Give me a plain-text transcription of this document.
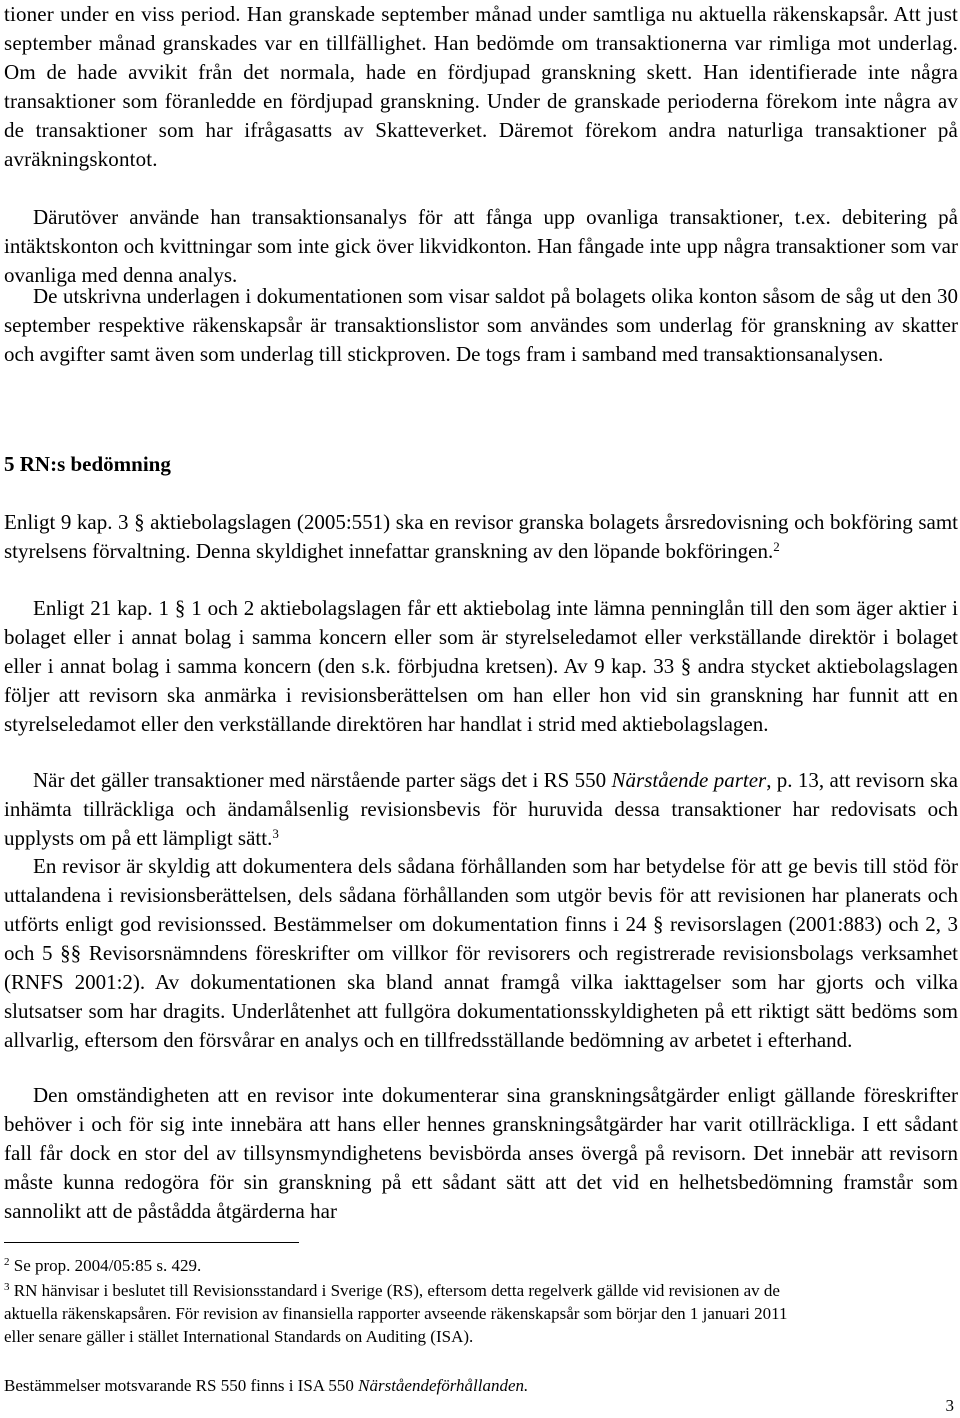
tioner under en viss period. Han granskade september månad under samtliga nu aktuella räkenskapsår. Att just september månad granskades var en tillfällighet. Han bedömde om transaktionerna var rimliga mot underlag. Om de hade avvikit från det normala, hade en fördjupad granskning skett. Han identifierade inte några transaktioner som föranledde en fördjupad granskning. Under de granskade perioderna förekom inte några av de transaktioner som har ifrågasatts av Skatteverket. Däremot förekom andra naturliga transaktioner på avräkningskontot.

Därutöver använde han transaktionsanalys för att fånga upp ovanliga transaktioner, t.ex. debitering på intäktskonton och kvittningar som inte gick över likvidkonton. Han fångade inte upp några transaktioner som var ovanliga med denna analys.

De utskrivna underlagen i dokumentationen som visar saldot på bolagets olika konton såsom de såg ut den 30 september respektive räkenskapsår är transaktionslistor som användes som underlag för granskning av skatter och avgifter samt även som underlag till stickproven. De togs fram i samband med transaktionsanalysen.

5 RN:s bedömning

Enligt 9 kap. 3 § aktiebolagslagen (2005:551) ska en revisor granska bolagets årsredovisning och bokföring samt styrelsens förvaltning. Denna skyldighet innefattar granskning av den löpande bokföringen.$^2$

Enligt 21 kap. 1 § 1 och 2 aktiebolagslagen får ett aktiebolag inte lämna penninglån till den som äger aktier i bolaget eller i annat bolag i samma koncern eller som är styrelseledamot eller verkställande direktör i bolaget eller i annat bolag i samma koncern (den s.k. förbjudna kretsen). Av 9 kap. 33 § andra stycket aktiebolagslagen följer att revisorn ska anmärka i revisionsberättelsen om han eller hon vid sin granskning har funnit att en styrelseledamot eller den verkställande direktören har handlat i strid med aktiebolagslagen.

När det gäller transaktioner med närstående parter sägs det i RS 550 Närstående parter, p. 13, att revisorn ska inhämta tillräckliga och ändamålsenlig revisionsbevis för huruvida dessa transaktioner har redovisats och upplysts om på ett lämpligt sätt.$^3$

En revisor är skyldig att dokumentera dels sådana förhållanden som har betydelse för att ge bevis till stöd för uttalandena i revisionsberättelsen, dels sådana förhållanden som utgör bevis för att revisionen har planerats och utförts enligt god revisionssed. Bestämmelser om dokumentation finns i 24 § revisorslagen (2001:883) och 2, 3 och 5 §§ Revisorsnämndens föreskrifter om villkor för revisorers och registrerade revisionsbolags verksamhet (RNFS 2001:2). Av dokumentationen ska bland annat framgå vilka iakttagelser som har gjorts och vilka slutsatser som har dragits. Underlåtenhet att fullgöra dokumentationsskyldigheten på ett riktigt sätt bedöms som allvarlig, eftersom den försvårar en analys och en tillfredsställande bedömning av arbetet i efterhand.

Den omständigheten att en revisor inte dokumenterar sina granskningsåtgärder enligt gällande föreskrifter behöver i och för sig inte innebära att hans eller hennes granskningsåtgärder har varit otillräckliga. I ett sådant fall får dock en stor del av tillsynsmyndighetens bevisbörda anses övergå på revisorn. Det innebär att revisorn måste kunna redogöra för sin granskning på ett sådant sätt att det vid en helhetsbedömning framstår som sannolikt att de påstådda åtgärderna har

$^2$ Se prop. 2004/05:85 s. 429.

$^3$ RN hänvisar i beslutet till Revisionsstandard i Sverige (RS), eftersom detta regelverk gällde vid revisionen av de aktuella räkenskapsåren. För revision av finansiella rapporter avseende räkenskapsår som börjar den 1 januari 2011 eller senare gäller i stället International Standards on Auditing (ISA).

Bestämmelser motsvarande RS 550 finns i ISA 550 Närståendeförhållanden.

3
